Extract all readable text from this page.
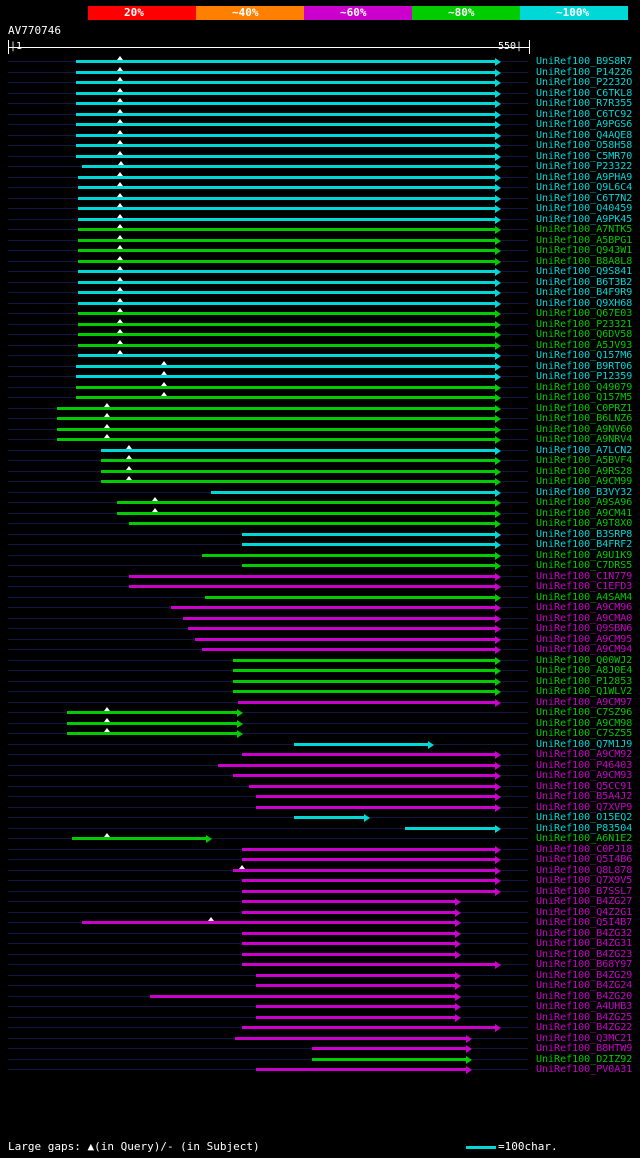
20%	~40%	~60%	~80%	~100%
AV770746
|1	550|
UniRef100_B9S8R7
UniRef100_P14226
UniRef100_P2232O
UniRef100_C6TKL8
UniRef100_R7R355
UniRef100_C6TC92
UniRef100_A9PGS6
UniRef100_Q4AQE8
UniRef100_O58H58
UniRef100_C5MR70
UniRef100_P23322
UniRef100_A9PHA9
UniRef100_Q9L6C4
UniRef100_C6T7N2
UniRef100_Q40459
UniRef100_A9PK45
UniRef100_A7NTK5
UniRef100_A5BPG1
UniRef100_Q943W1
UniRef100_B8A8L8
UniRef100_Q9S841
UniRef100_B6T3B2
UniRef100_B4F9R9
UniRef100_Q9XH68
UniRef100_Q67E03
UniRef100_P23321
UniRef100_Q6DV58
UniRef100_A5JV93
UniRef100_Q157M6
UniRef100_B9RT06
UniRef100_P12359
UniRef100_Q49079
UniRef100_Q157M5
UniRef100_C0PRZ1
UniRef100_B6LNZ6
UniRef100_A9NV60
UniRef100_A9NRV4
UniRef100_A7LCN2
UniRef100_A5BVF4
UniRef100_A9RS28
UniRef100_A9CM99
UniRef100_B3VY32
UniRef100_A9SA96
UniRef100_A9CM41
UniRef100_A9T8X0
UniRef100_B3SRP8
UniRef100_B4FRF2
UniRef100_A9U1K9
UniRef100_C7DRS5
UniRef100_C1N779
UniRef100_C1EFD3
UniRef100_A4SAM4
UniRef100_A9CM96
UniRef100_A9CMA0
UniRef100_Q9SBN6
UniRef100_A9CM95
UniRef100_A9CM94
UniRef100_Q00WJ2
UniRef100_A8J0E4
UniRef100_P12853
UniRef100_Q1WLV2
UniRef100_A9CM97
UniRef100_C7SZ96
UniRef100_A9CM98
UniRef100_C7SZ55
UniRef100_Q7M1J9
UniRef100_A9CM92
UniRef100_P46403
UniRef100_A9CM93
UniRef100_Q5CC91
UniRef100_B5A4J2
UniRef100_Q7XVP9
UniRef100_O15EQ2
UniRef100_P83504
UniRef100_A6N1E2
UniRef100_C0PJ18
UniRef100_Q5I4B6
UniRef100_Q8L878
UniRef100_Q7X9V5
UniRef100_B7SSL7
UniRef100_B4ZG27
UniRef100_Q4Z2G1
UniRef100_Q5I4B7
UniRef100_B4ZG32
UniRef100_B4ZG31
UniRef100_B4ZG23
UniRef100_B68Y97
UniRef100_B4ZG29
UniRef100_B4ZG24
UniRef100_B4ZG20
UniRef100_A4UHB3
UniRef100_B4ZG25
UniRef100_B4ZG22
UniRef100_Q3MC21
UniRef100_B8HTW9
UniRef100_D2IZ92
UniRef100_PV0A31
Large gaps: ▲(in Query)/- (in Subject)	=100char.
